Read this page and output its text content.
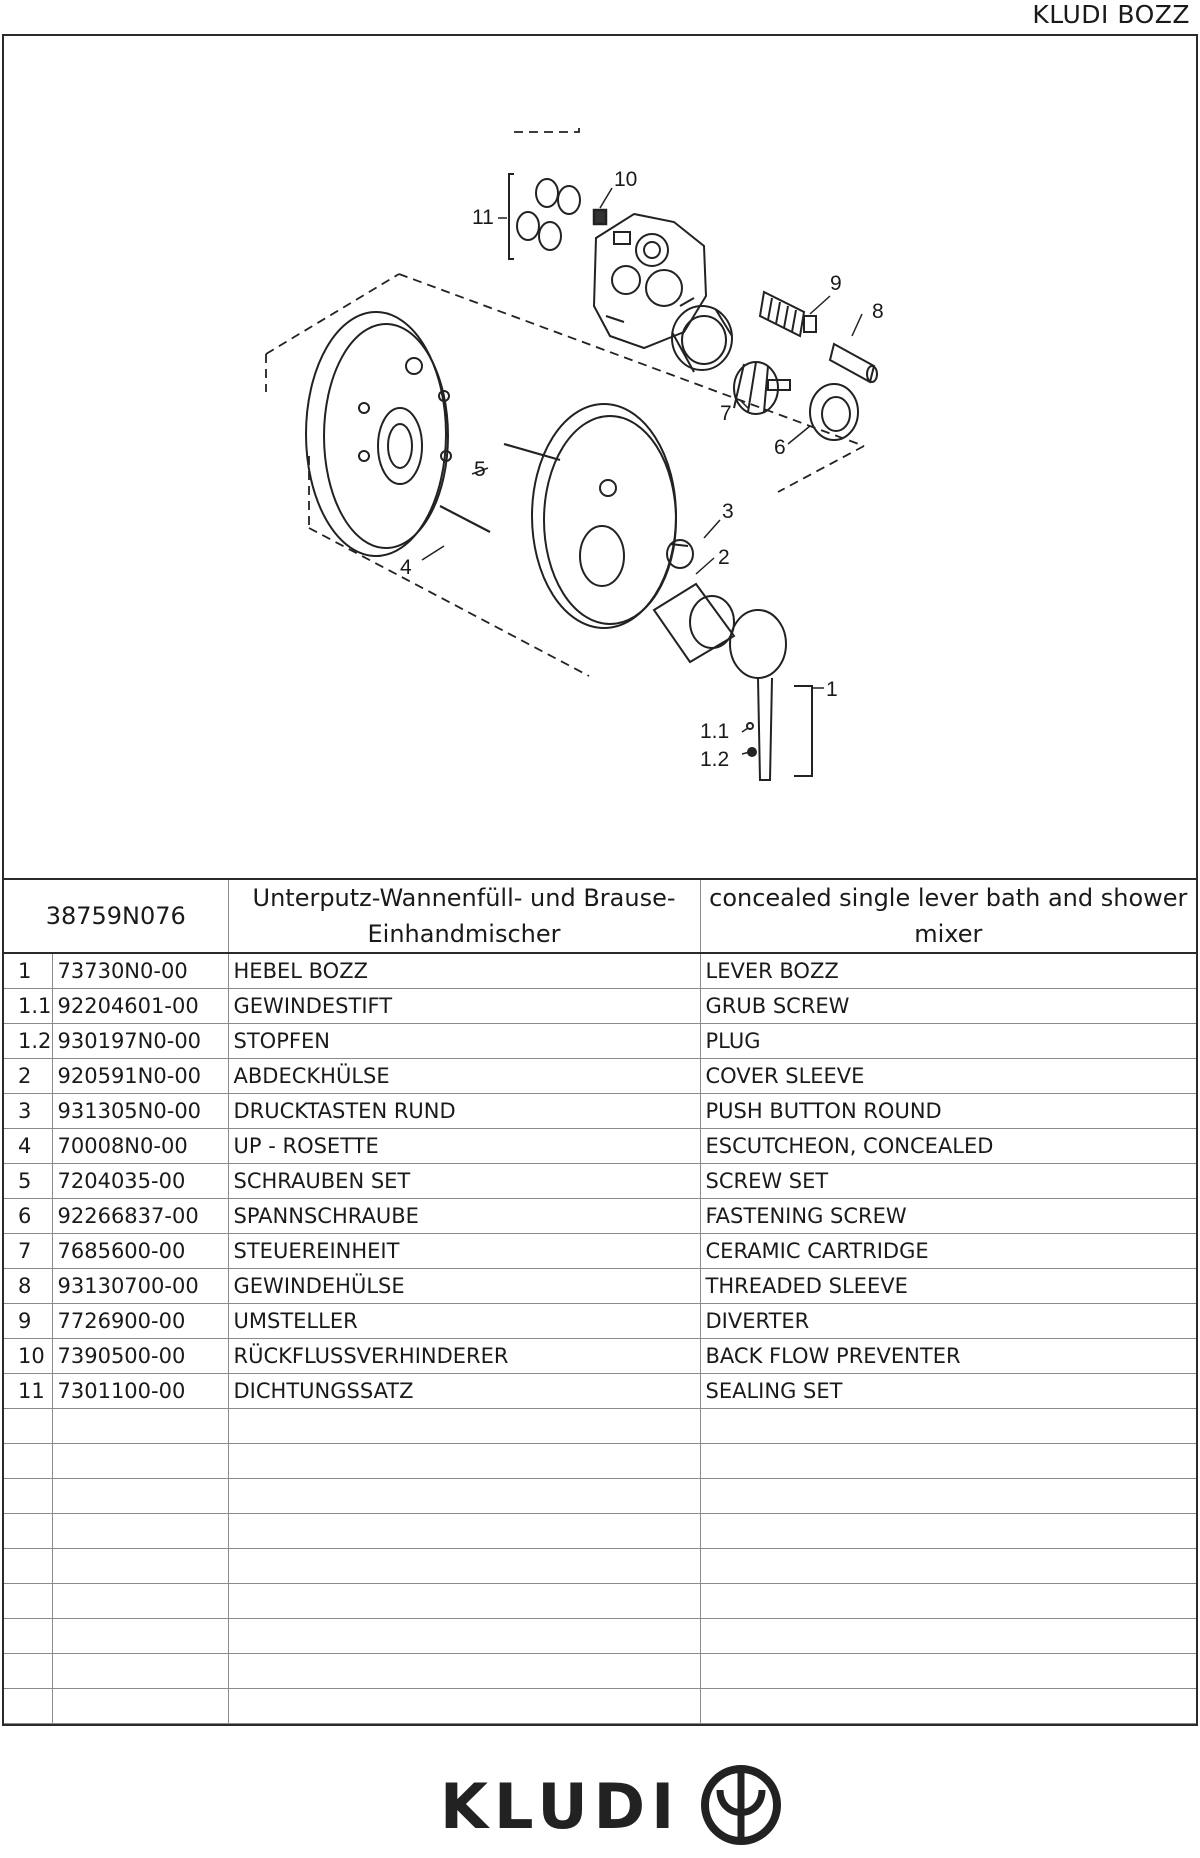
KLUDI BOZZ
1
1.1
1.2
2
3
4
5
6
7
8
9
10
11
38759N076		Unterputz-Wannenfüll- und Brause-Einhandmischer	concealed single lever bath and shower mixer
1	73730N0-00	HEBEL BOZZ	LEVER BOZZ
1.1	92204601-00	GEWINDESTIFT	GRUB SCREW
1.2	930197N0-00	STOPFEN	PLUG
2	920591N0-00	ABDECKHÜLSE	COVER SLEEVE
3	931305N0-00	DRUCKTASTEN RUND	PUSH BUTTON ROUND
4	70008N0-00	UP - ROSETTE	ESCUTCHEON, CONCEALED
5	7204035-00	SCHRAUBEN SET	SCREW SET
6	92266837-00	SPANNSCHRAUBE	FASTENING SCREW
7	7685600-00	STEUEREINHEIT	CERAMIC CARTRIDGE
8	93130700-00	GEWINDEHÜLSE	THREADED SLEEVE
9	7726900-00	UMSTELLER	DIVERTER
10	7390500-00	RÜCKFLUSSVERHINDERER	BACK FLOW PREVENTER
11	7301100-00	DICHTUNGSSATZ	SEALING SET

KLUDI
